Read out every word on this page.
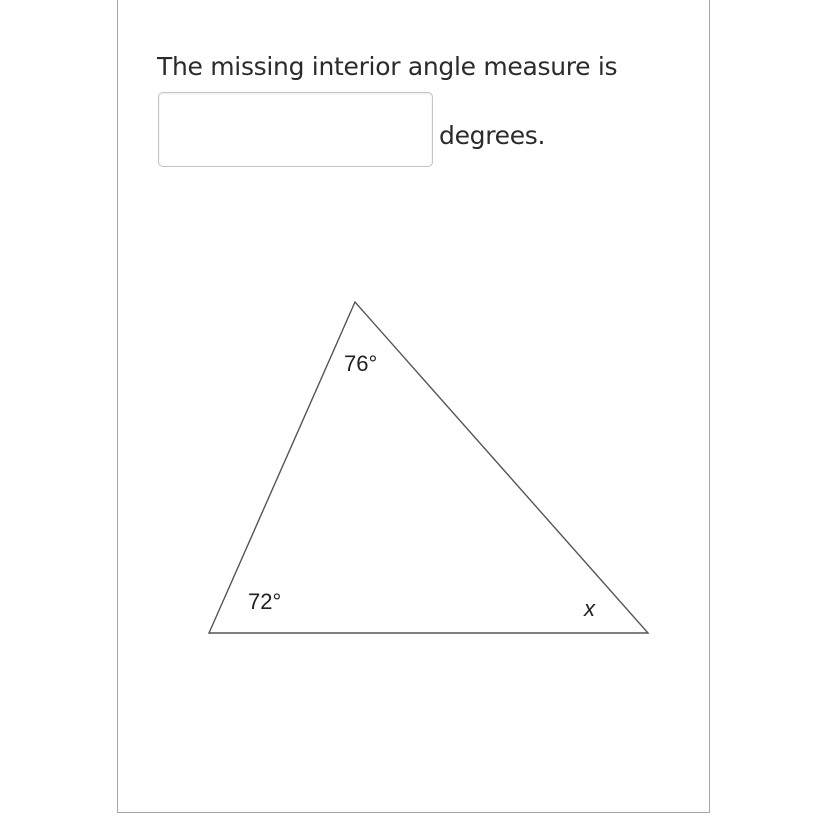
The missing interior angle measure is
degrees.
76°
72°	x
